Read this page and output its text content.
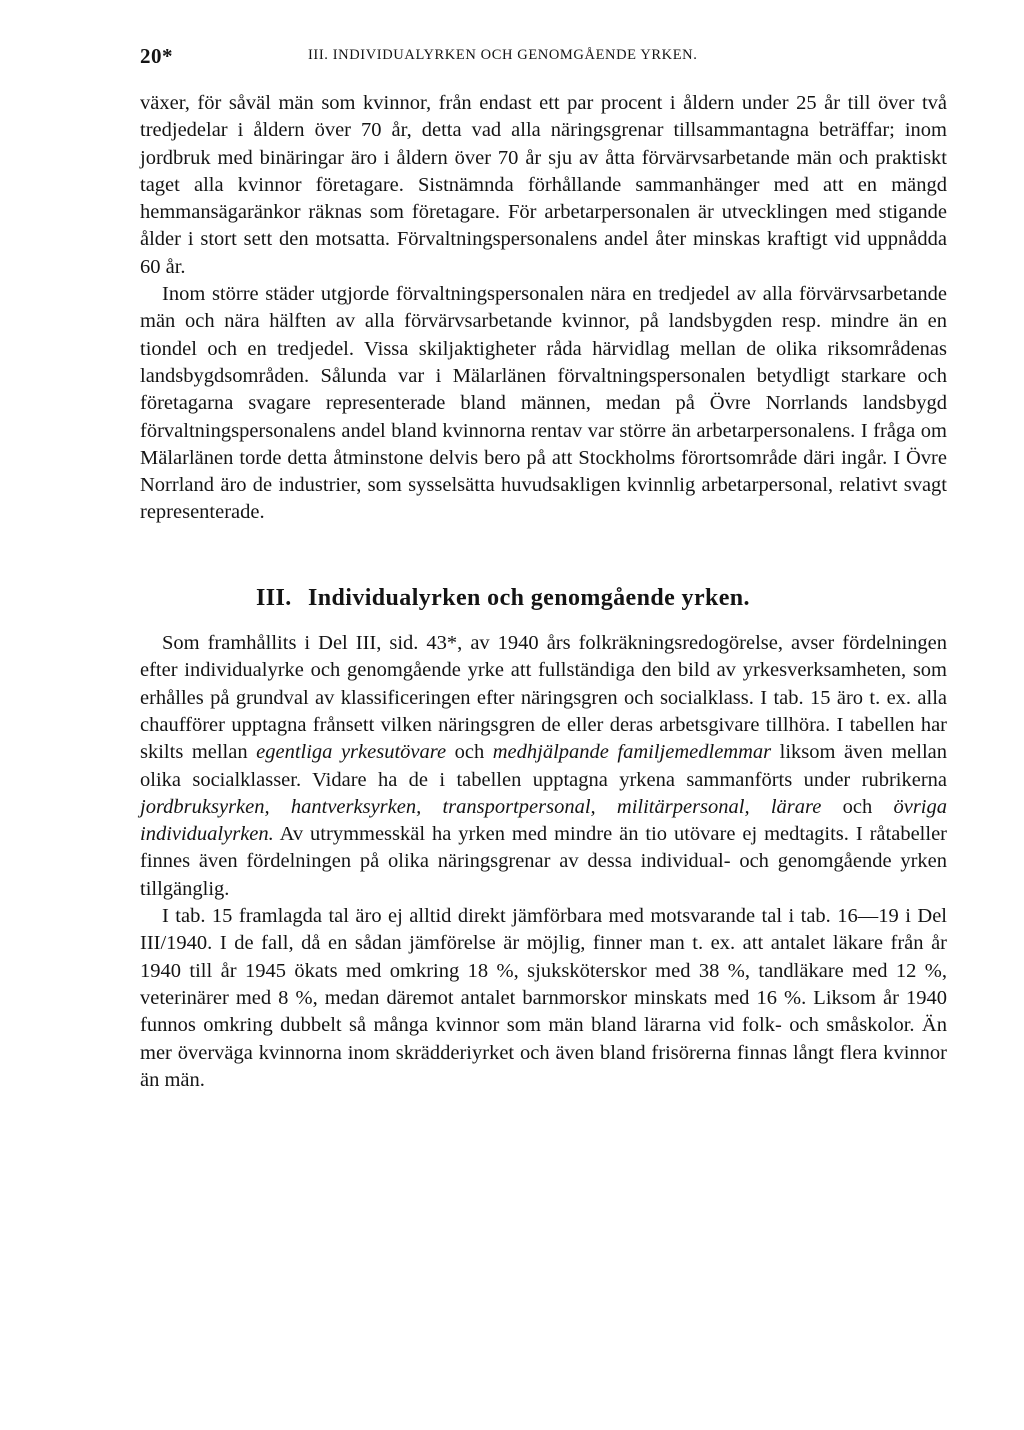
20*	III. INDIVIDUALYRKEN OCH GENOMGÅENDE YRKEN.

växer, för såväl män som kvinnor, från endast ett par procent i åldern under 25 år till över två tredjedelar i åldern över 70 år, detta vad alla näringsgrenar tillsammantagna beträffar; inom jordbruk med binäringar äro i åldern över 70 år sju av åtta förvärvsarbetande män och praktiskt taget alla kvinnor företagare. Sistnämnda förhållande sammanhänger med att en mängd hemmansägaränkor räknas som företagare. För arbetarpersonalen är utvecklingen med stigande ålder i stort sett den motsatta. Förvaltningspersonalens andel åter minskas kraftigt vid uppnådda 60 år.

Inom större städer utgjorde förvaltningspersonalen nära en tredjedel av alla förvärvsarbetande män och nära hälften av alla förvärvsarbetande kvinnor, på landsbygden resp. mindre än en tiondel och en tredjedel. Vissa skiljaktigheter råda härvidlag mellan de olika riksområdenas landsbygdsområden. Sålunda var i Mälarlänen förvaltningspersonalen betydligt starkare och företagarna svagare representerade bland männen, medan på Övre Norrlands landsbygd förvaltningspersonalens andel bland kvinnorna rentav var större än arbetarpersonalens. I fråga om Mälarlänen torde detta åtminstone delvis bero på att Stockholms förortsområde däri ingår. I Övre Norrland äro de industrier, som sysselsätta huvudsakligen kvinnlig arbetarpersonal, relativt svagt representerade.

III. Individualyrken och genomgående yrken.

Som framhållits i Del III, sid. 43*, av 1940 års folkräkningsredogörelse, avser fördelningen efter individualyrke och genomgående yrke att fullständiga den bild av yrkesverksamheten, som erhålles på grundval av klassificeringen efter näringsgren och socialklass. I tab. 15 äro t. ex. alla chaufförer upptagna frånsett vilken näringsgren de eller deras arbetsgivare tillhöra. I tabellen har skilts mellan egentliga yrkesutövare och medhjälpande familjemedlemmar liksom även mellan olika socialklasser. Vidare ha de i tabellen upptagna yrkena sammanförts under rubrikerna jordbruksyrken, hantverksyrken, transportpersonal, militärpersonal, lärare och övriga individualyrken. Av utrymmesskäl ha yrken med mindre än tio utövare ej medtagits. I råtabeller finnes även fördelningen på olika näringsgrenar av dessa individual- och genomgående yrken tillgänglig.

I tab. 15 framlagda tal äro ej alltid direkt jämförbara med motsvarande tal i tab. 16—19 i Del III/1940. I de fall, då en sådan jämförelse är möjlig, finner man t. ex. att antalet läkare från år 1940 till år 1945 ökats med omkring 18 %, sjuksköterskor med 38 %, tandläkare med 12 %, veterinärer med 8 %, medan däremot antalet barnmorskor minskats med 16 %. Liksom år 1940 funnos omkring dubbelt så många kvinnor som män bland lärarna vid folk- och småskolor. Än mer överväga kvinnorna inom skrädderiyrket och även bland frisörerna finnas långt flera kvinnor än män.
